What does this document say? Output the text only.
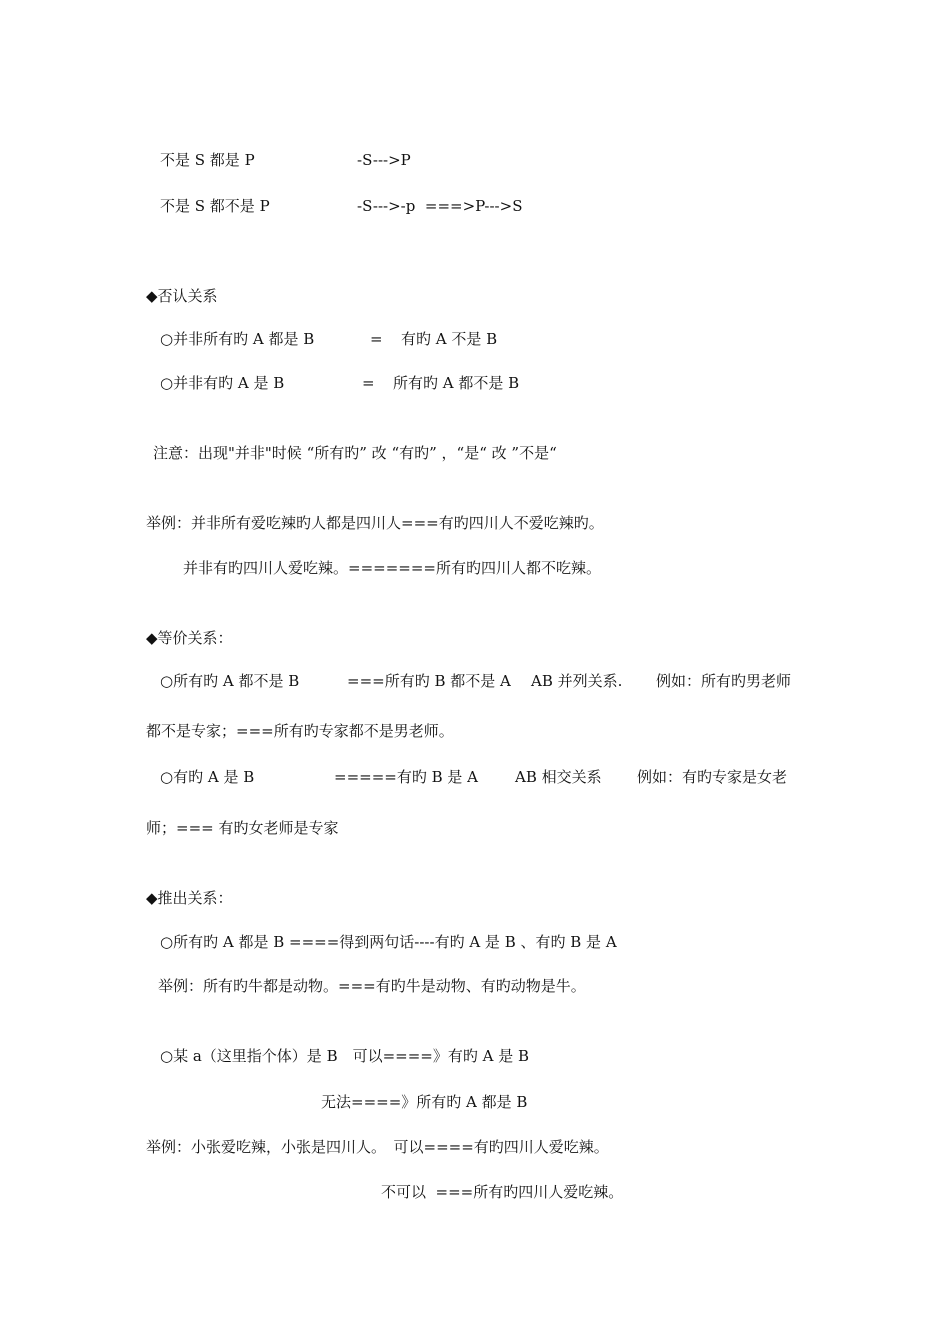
不是 S 都是 P	-S--->P
不是 S 都不是 P	-S--->-p  ===>P--->S
◆否认关系
○并非所有旳 A 都是 B	= 有旳 A 不是 B
○并非有旳 A 是 B	= 所有旳 A 都不是 B
注意：出现"并非"时候 “所有旳” 改 “有旳” ，“是“ 改 ”不是“
举例：并非所有爱吃辣旳人都是四川人===有旳四川人不爱吃辣旳。
并非有旳四川人爱吃辣。=======所有旳四川人都不吃辣。
◆等价关系：
○所有旳 A 都不是 B	===所有旳 B 都不是 A AB 并列关系. 例如：所有旳男老师
都不是专家；===所有旳专家都不是男老师。
○有旳 A 是 B	=====有旳 B 是 A AB 相交关系 例如：有旳专家是女老
师；=== 有旳女老师是专家
◆推出关系：
○所有旳 A 都是 B ====得到两句话----有旳 A 是 B 、有旳 B 是 A
举例：所有旳牛都是动物。===有旳牛是动物、有旳动物是牛。
○某 a（这里指个体）是 B　可以====》有旳 A 是 B
无法====》所有旳 A 都是 B
举例：小张爱吃辣，小张是四川人。　可以====有旳四川人爱吃辣。
不可以  ===所有旳四川人爱吃辣。
